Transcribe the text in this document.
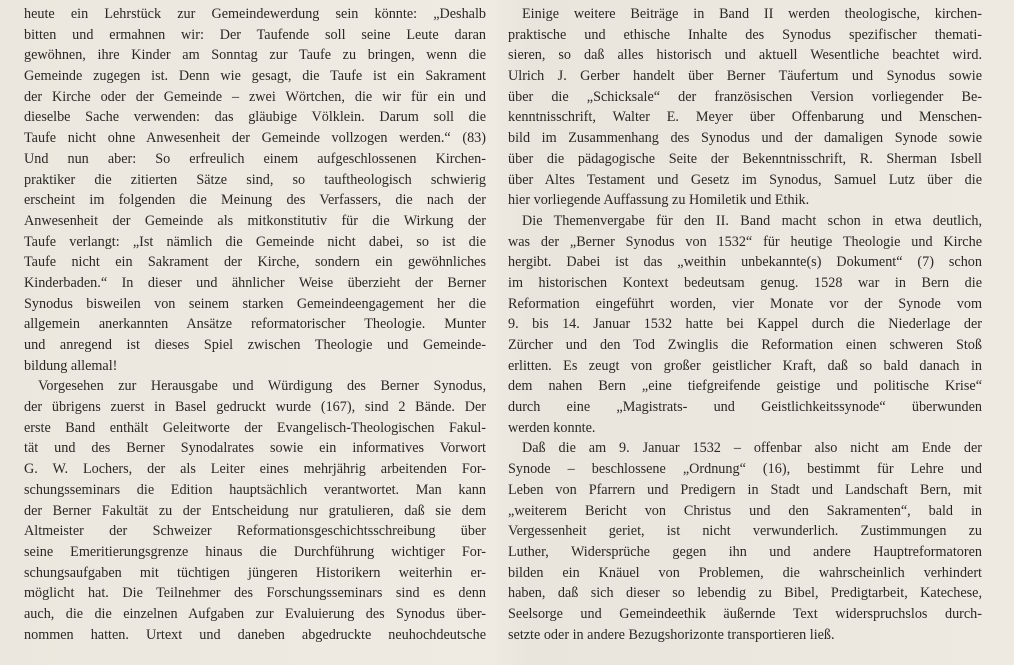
heute ein Lehrstück zur Gemeindewerdung sein könnte: „Deshalb
bitten und ermahnen wir: Der Taufende soll seine Leute daran
gewöhnen, ihre Kinder am Sonntag zur Taufe zu bringen, wenn die
Gemeinde zugegen ist. Denn wie gesagt, die Taufe ist ein Sakrament
der Kirche oder der Gemeinde – zwei Wörtchen, die wir für ein und
dieselbe Sache verwenden: das gläubige Völklein. Darum soll die
Taufe nicht ohne Anwesenheit der Gemeinde vollzogen werden.“ (83)
Und nun aber: So erfreulich einem aufgeschlossenen Kirchen-
praktiker die zitierten Sätze sind, so tauftheologisch schwierig
erscheint im folgenden die Meinung des Verfassers, die nach der
Anwesenheit der Gemeinde als mitkonstitutiv für die Wirkung der
Taufe verlangt: „Ist nämlich die Gemeinde nicht dabei, so ist die
Taufe nicht ein Sakrament der Kirche, sondern ein gewöhnliches
Kinderbaden.“ In dieser und ähnlicher Weise überzieht der Berner
Synodus bisweilen von seinem starken Gemeindeengagement her die
allgemein anerkannten Ansätze reformatorischer Theologie. Munter
und anregend ist dieses Spiel zwischen Theologie und Gemeinde-
bildung allemal!
Vorgesehen zur Herausgabe und Würdigung des Berner Synodus,
der übrigens zuerst in Basel gedruckt wurde (167), sind 2 Bände. Der
erste Band enthält Geleitworte der Evangelisch-Theologischen Fakul-
tät und des Berner Synodalrates sowie ein informatives Vorwort
G. W. Lochers, der als Leiter eines mehrjährig arbeitenden For-
schungsseminars die Edition hauptsächlich verantwortet. Man kann
der Berner Fakultät zu der Entscheidung nur gratulieren, daß sie dem
Altmeister der Schweizer Reformationsgeschichtsschreibung über
seine Emeritierungsgrenze hinaus die Durchführung wichtiger For-
schungsaufgaben mit tüchtigen jüngeren Historikern weiterhin er-
möglicht hat. Die Teilnehmer des Forschungsseminars sind es denn
auch, die die einzelnen Aufgaben zur Evaluierung des Synodus über-
nommen hatten. Urtext und daneben abgedruckte neuhochdeutsche
Einige weitere Beiträge in Band II werden theologische, kirchen-
praktische und ethische Inhalte des Synodus spezifischer themati-
sieren, so daß alles historisch und aktuell Wesentliche beachtet wird.
Ulrich J. Gerber handelt über Berner Täufertum und Synodus sowie
über die „Schicksale“ der französischen Version vorliegender Be-
kenntnisschrift, Walter E. Meyer über Offenbarung und Menschen-
bild im Zusammenhang des Synodus und der damaligen Synode sowie
über die pädagogische Seite der Bekenntnisschrift, R. Sherman Isbell
über Altes Testament und Gesetz im Synodus, Samuel Lutz über die
hier vorliegende Auffassung zu Homiletik und Ethik.
Die Themenvergabe für den II. Band macht schon in etwa deutlich,
was der „Berner Synodus von 1532“ für heutige Theologie und Kirche
hergibt. Dabei ist das „weithin unbekannte(s) Dokument“ (7) schon
im historischen Kontext bedeutsam genug. 1528 war in Bern die
Reformation eingeführt worden, vier Monate vor der Synode vom
9. bis 14. Januar 1532 hatte bei Kappel durch die Niederlage der
Zürcher und den Tod Zwinglis die Reformation einen schweren Stoß
erlitten. Es zeugt von großer geistlicher Kraft, daß so bald danach in
dem nahen Bern „eine tiefgreifende geistige und politische Krise“
durch eine „Magistrats- und Geistlichkeitssynode“ überwunden
werden konnte.
Daß die am 9. Januar 1532 – offenbar also nicht am Ende der
Synode – beschlossene „Ordnung“ (16), bestimmt für Lehre und
Leben von Pfarrern und Predigern in Stadt und Landschaft Bern, mit
„weiterem Bericht von Christus und den Sakramenten“, bald in
Vergessenheit geriet, ist nicht verwunderlich. Zustimmungen zu
Luther, Widersprüche gegen ihn und andere Hauptreformatoren
bilden ein Knäuel von Problemen, die wahrscheinlich verhindert
haben, daß sich dieser so lebendig zu Bibel, Predigtarbeit, Katechese,
Seelsorge und Gemeindeethik äußernde Text widerspruchslos durch-
setzte oder in andere Bezugshorizonte transportieren ließ.
